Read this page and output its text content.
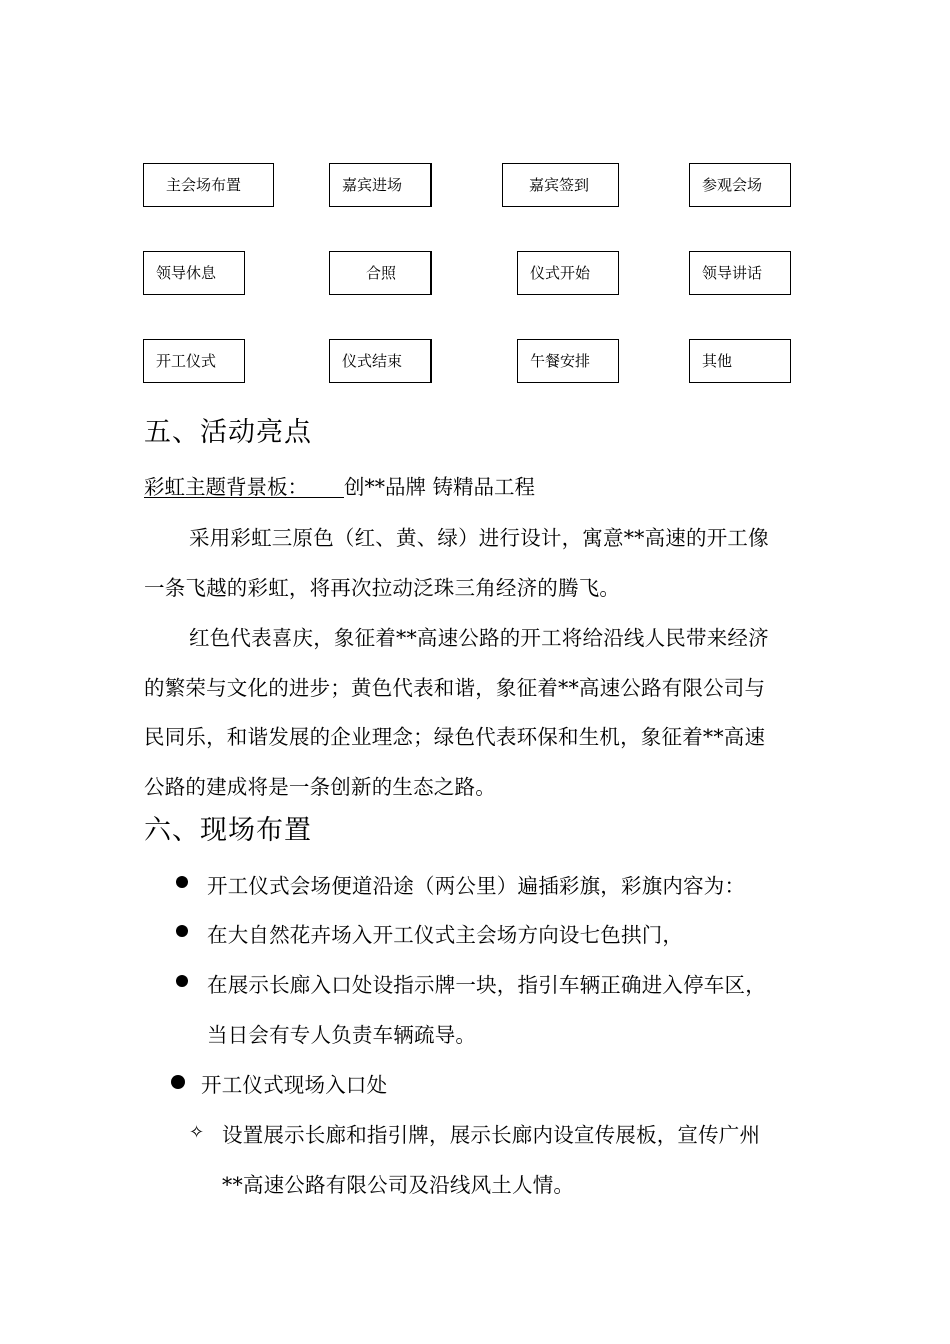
主会场布置	嘉宾进场	嘉宾签到	参观会场
领导休息	合照	仪式开始	领导讲话
开工仪式	仪式结束	午餐安排	其他
五、活动亮点
彩虹主题背景板： 创**品牌 铸精品工程
采用彩虹三原色（红、黄、绿）进行设计，寓意**高速的开工像
一条飞越的彩虹，将再次拉动泛珠三角经济的腾飞。
红色代表喜庆，象征着**高速公路的开工将给沿线人民带来经济
的繁荣与文化的进步；黄色代表和谐，象征着**高速公路有限公司与
民同乐，和谐发展的企业理念；绿色代表环保和生机，象征着**高速
公路的建成将是一条创新的生态之路。
六、现场布置
开工仪式会场便道沿途（两公里）遍插彩旗，彩旗内容为：
在大自然花卉场入开工仪式主会场方向设七色拱门，
在展示长廊入口处设指示牌一块，指引车辆正确进入停车区，
当日会有专人负责车辆疏导。
开工仪式现场入口处
✧ 设置展示长廊和指引牌，展示长廊内设宣传展板，宣传广州
**高速公路有限公司及沿线风土人情。
